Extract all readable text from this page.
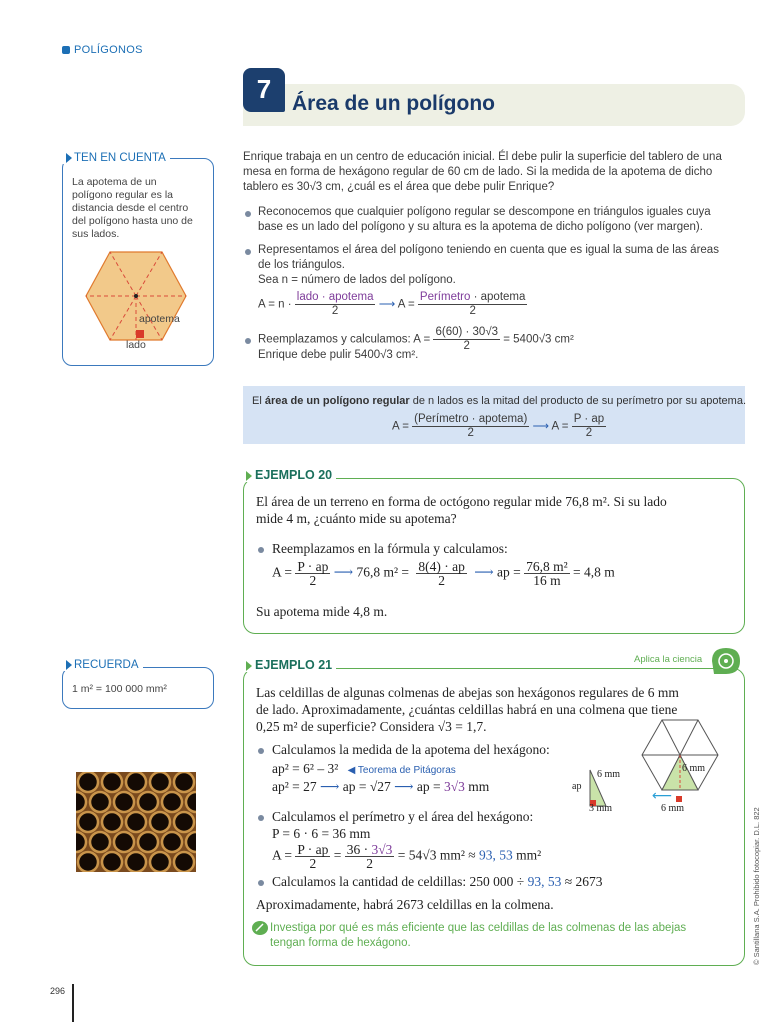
POLÍGONOS
7 Área de un polígono
TEN EN CUENTA
La apotema de un
polígono regular es la
distancia desde el centro
del polígono hasta uno de
sus lados.
apotema
lado
Enrique trabaja en un centro de educación inicial. Él debe pulir la superficie del tablero de una
mesa en forma de hexágono regular de 60 cm de lado. Si la medida de la apotema de dicho
tablero es 30√3 cm, ¿cuál es el área que debe pulir Enrique?
Reconocemos que cualquier polígono regular se descompone en triángulos iguales cuya
base es un lado del polígono y su altura es la apotema de dicho polígono (ver margen).
Representamos el área del polígono teniendo en cuenta que es igual la suma de las áreas
de los triángulos.
Sea n = número de lados del polígono.
$A = n \cdot \frac{\text{lado · apotema}}{2}$ ⟶ $A = \frac{\text{Perímetro · apotema}}{2}$
Reemplazamos y calculamos: $A = \frac{6(60) \cdot 30√3}{2} = 5400√3$ cm²
Enrique debe pulir 5400√3 cm².
El área de un polígono regular de n lados es la mitad del producto de su perímetro por su apotema.
$A = \frac{\text{(Perímetro · apotema)}}{2}$ ⟶ $A = \frac{P \cdot ap}{2}$
EJEMPLO 20
El área de un terreno en forma de octógono regular mide 76,8 m². Si su lado
mide 4 m, ¿cuánto mide su apotema?
Reemplazamos en la fórmula y calculamos:
$A = \frac{P \cdot ap}{2}$ ⟶ 76,8 $m^2 = \frac{8(4) \cdot ap}{2}$ ⟶ ap = $\frac{\text{76,8 m²}}{16 m} = 4,8$ m
Su apotema mide 4,8 m.
RECUERDA
1 m² = 100 000 mm²
EJEMPLO 21	Aplica la ciencia
Las celdillas de algunas colmenas de abejas son hexágonos regulares de 6 mm
de lado. Aproximadamente, ¿cuántas celdillas habrá en una colmena que tiene
0,25 m² de superficie? Considera √3 = 1,7.
Calculamos la medida de la apotema del hexágono:
ap² = 6² – 3² ◀ Teorema de Pitágoras
ap² = 27 ⟶ ap = √27 ⟶ ap = 3√3 mm
Calculamos el perímetro y el área del hexágono:
P = 6 · 6 = 36 mm
$A = \frac{P \cdot ap}{2} = \frac{36 \cdot 3√3}{2} = 54√3$ mm² ≈ 93, 53 mm²
Calculamos la cantidad de celdillas: 250 000 ÷ 93, 53 ≈ 2673
Aproximadamente, habrá 2673 celdillas en la colmena.
Investiga por qué es más eficiente que las celdillas de las colmenas de las abejas
tengan forma de hexágono.
⟵
ap
6 mm
3 mm
6 mm
6 mm
296
© Santillana S.A. Prohibido fotocopiar. D.L. 822
